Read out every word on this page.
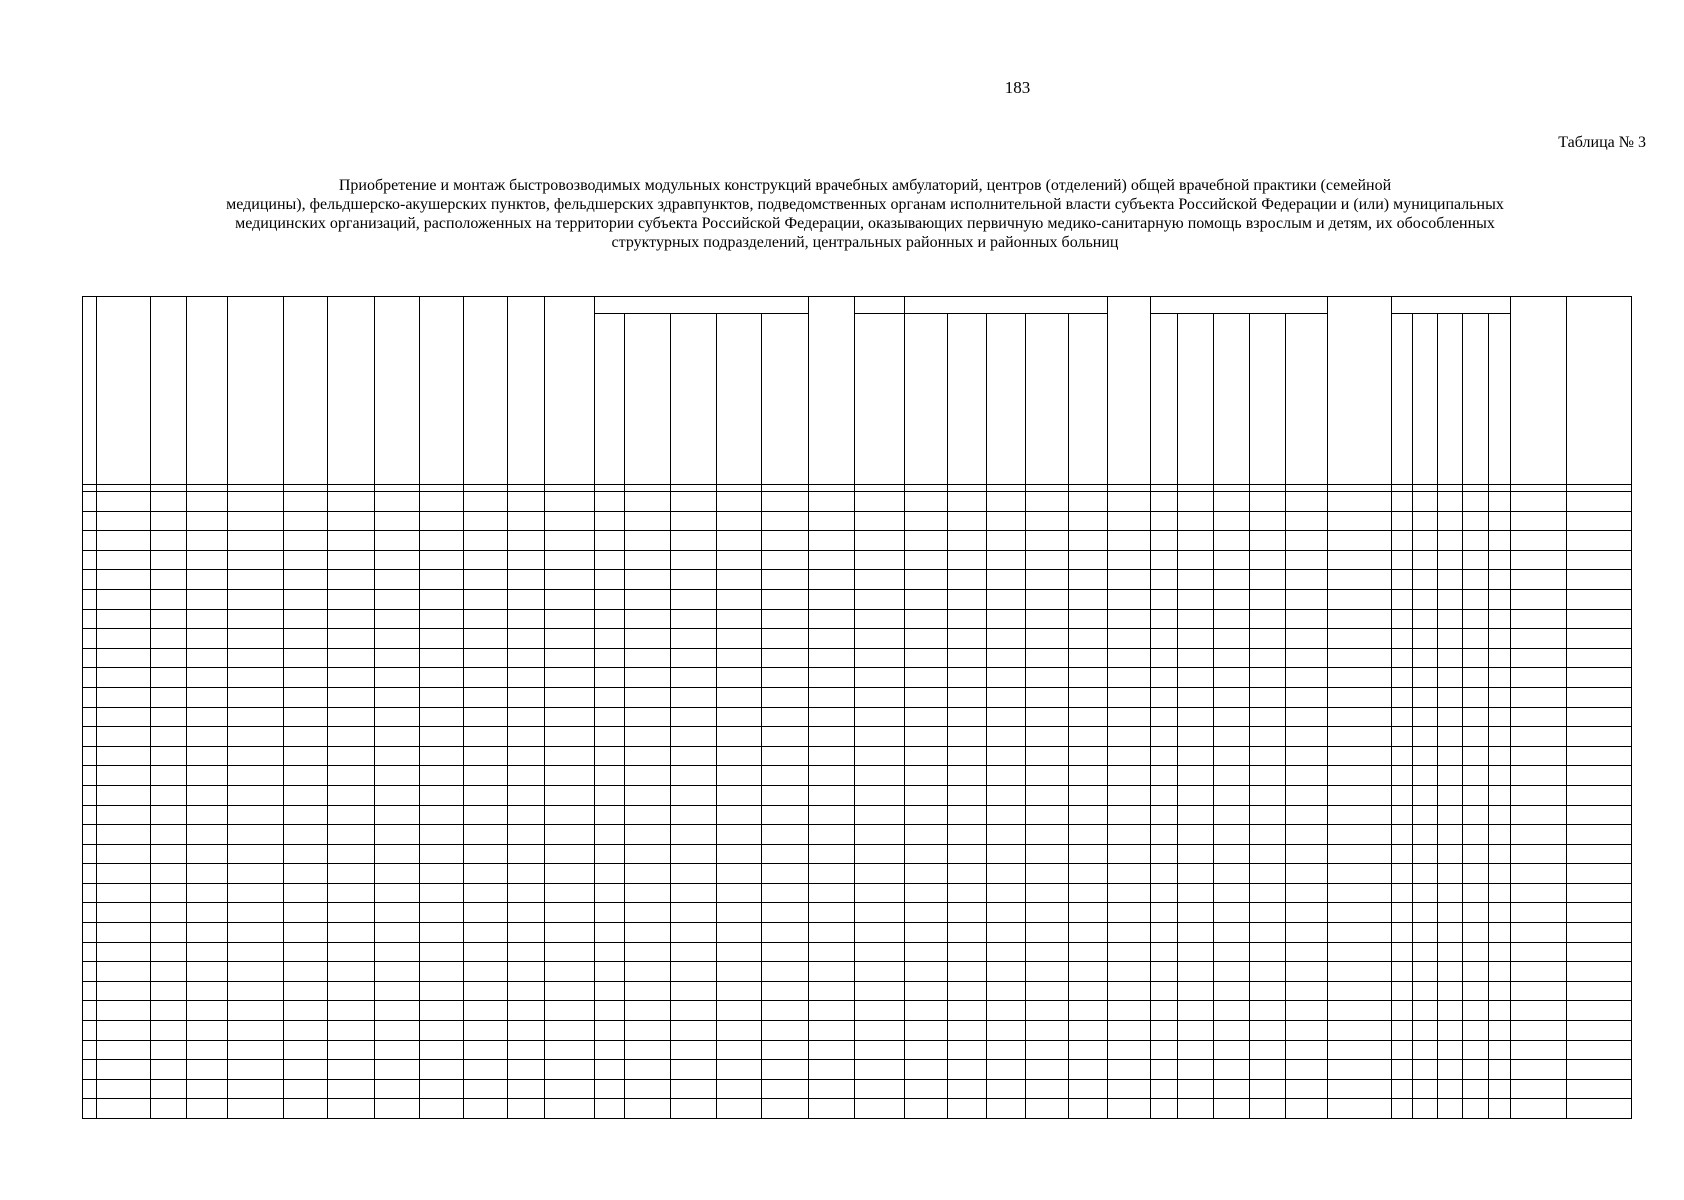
183
Таблица № 3
Приобретение и монтаж быстровозводимых модульных конструкций врачебных амбулаторий, центров (отделений) общей врачебной практики (семейной
медицины), фельдшерско-акушерских пунктов, фельдшерских здравпунктов, подведомственных органам исполнительной власти субъекта Российской Федерации и (или) муниципальных
медицинских организаций, расположенных на территории субъекта Российской Федерации, оказывающих первичную медико-санитарную помощь взрослым и детям, их обособленных
структурных подразделений, центральных районных и районных больниц
